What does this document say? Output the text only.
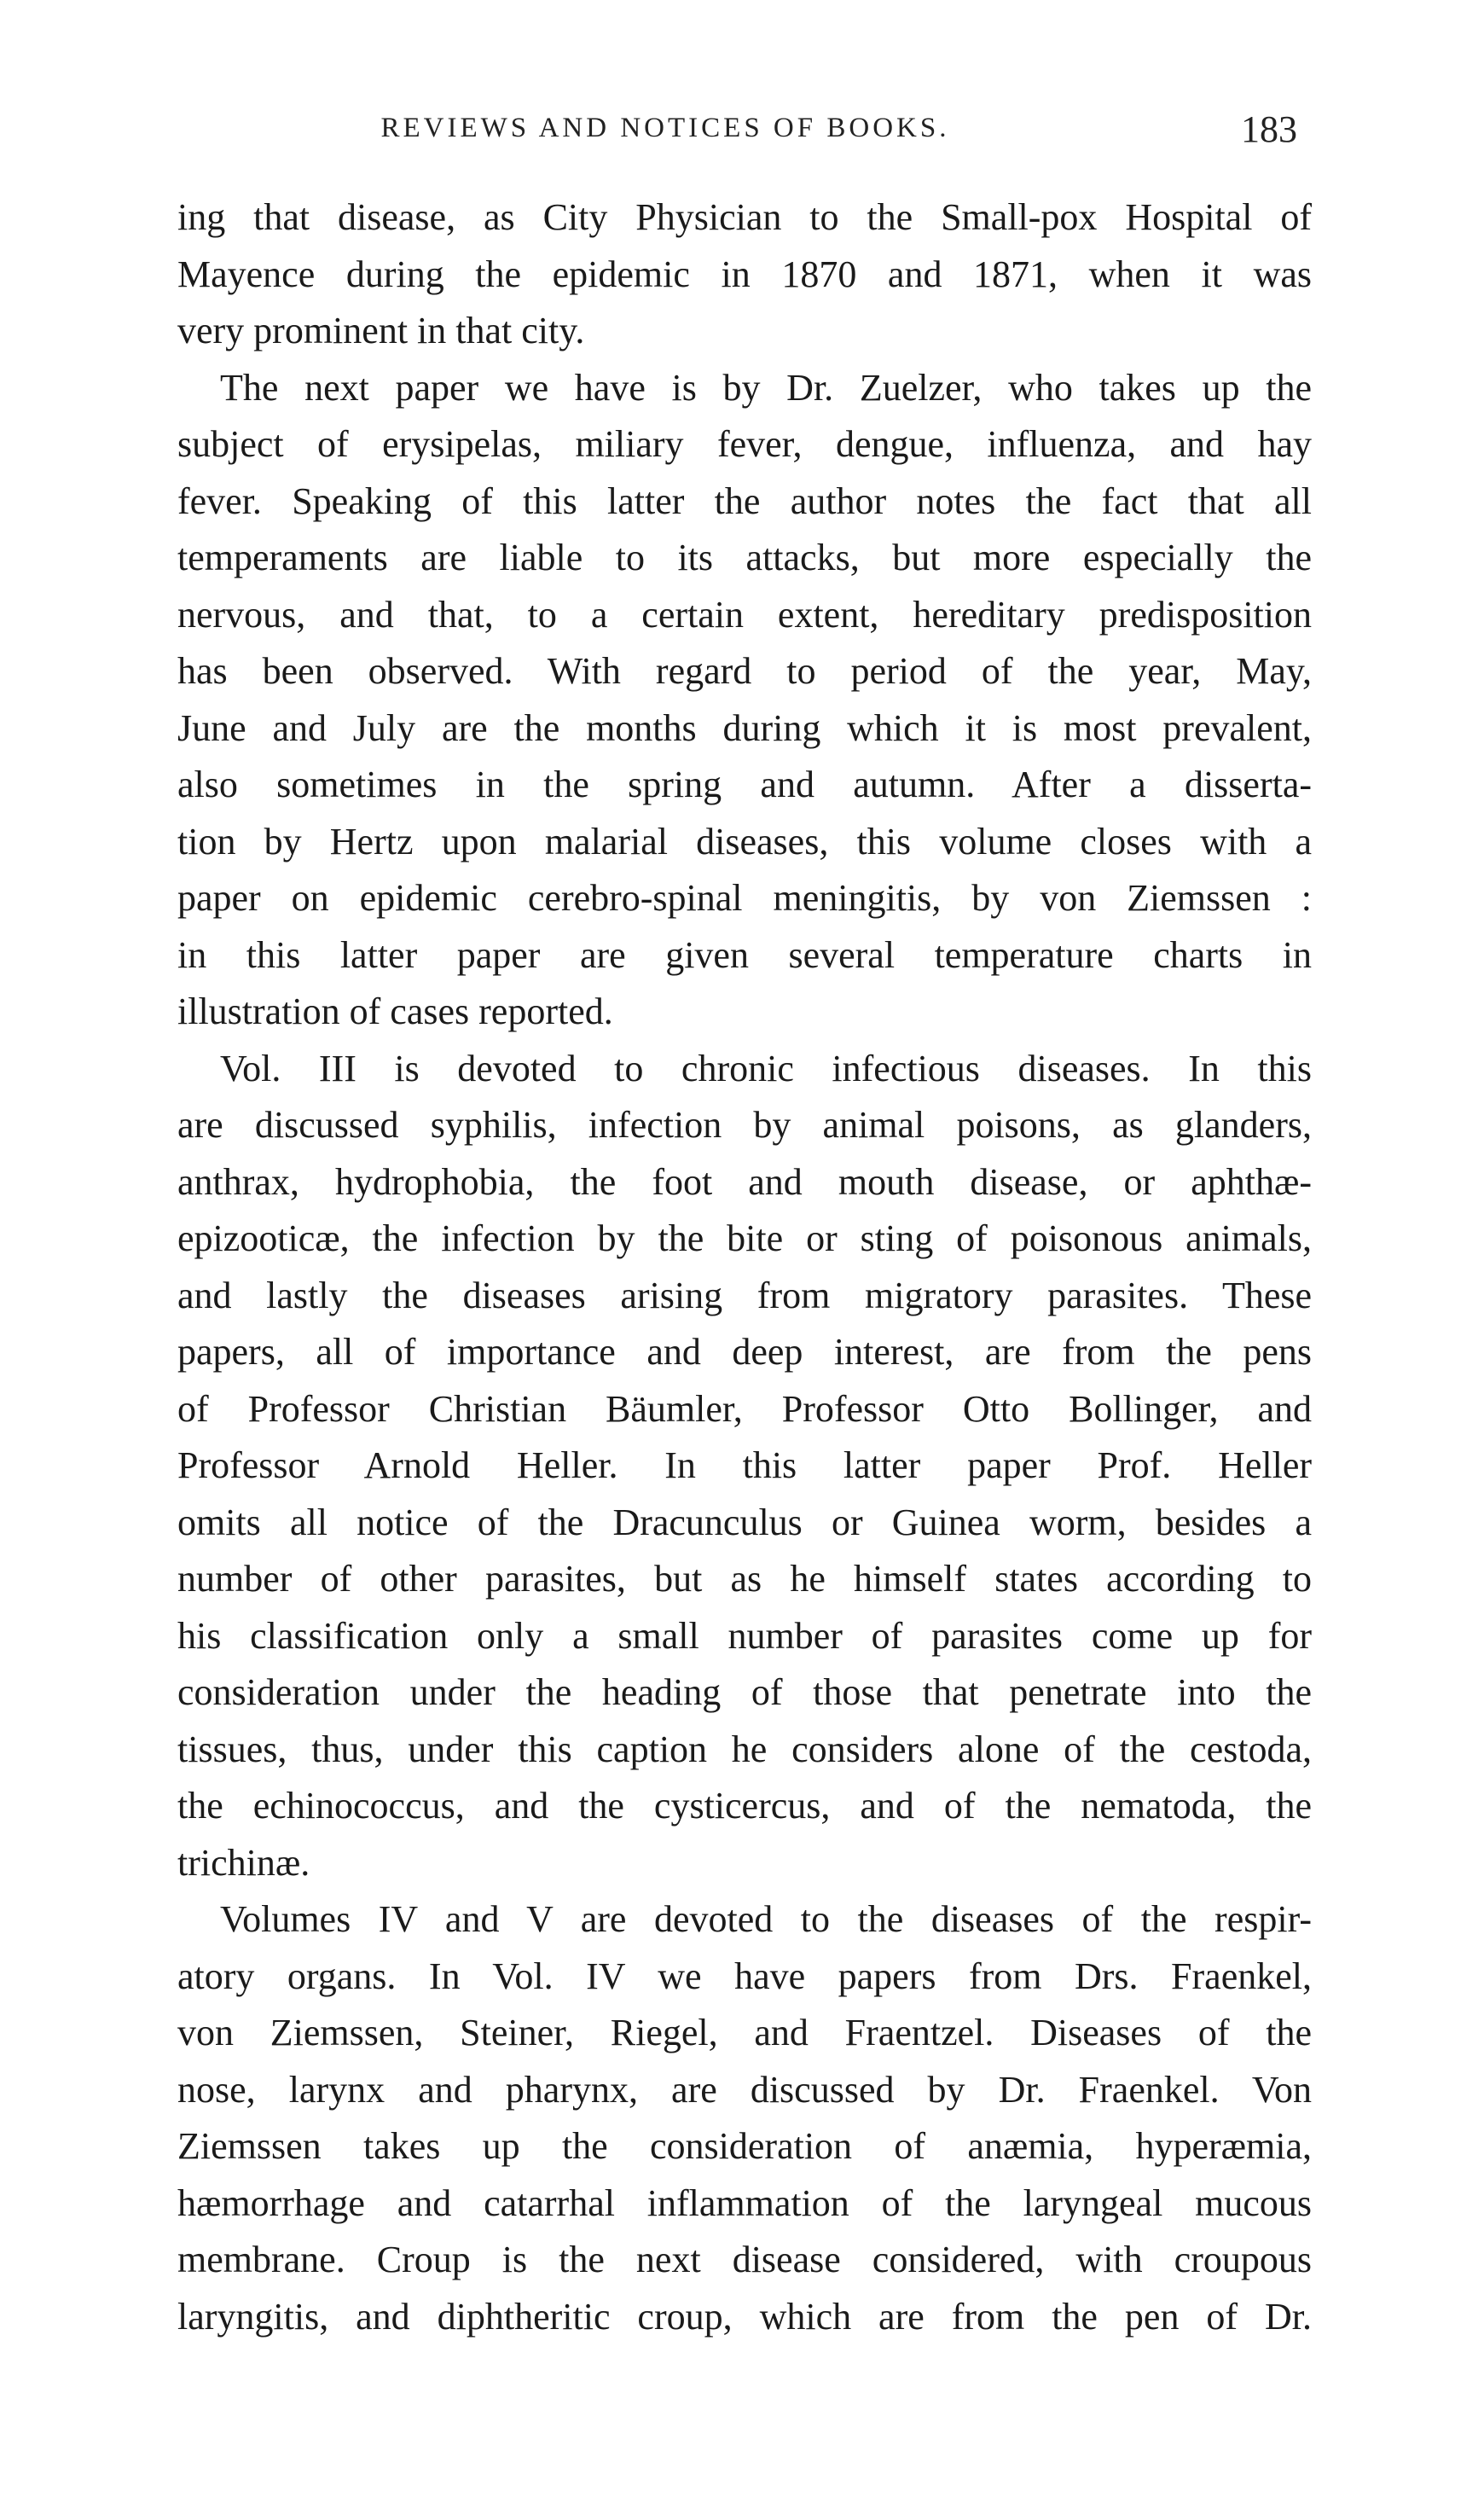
REVIEWS AND NOTICES OF BOOKS.	183
ing that disease, as City Physician to the Small-pox Hospital of
Mayence during the epidemic in 1870 and 1871, when it was
very prominent in that city.
The next paper we have is by Dr. Zuelzer, who takes up the
subject of erysipelas, miliary fever, dengue, influenza, and hay
fever. Speaking of this latter the author notes the fact that all
temperaments are liable to its attacks, but more especially the
nervous, and that, to a certain extent, hereditary predisposition
has been observed. With regard to period of the year, May,
June and July are the months during which it is most prevalent,
also sometimes in the spring and autumn. After a disserta-
tion by Hertz upon malarial diseases, this volume closes with a
paper on epidemic cerebro-spinal meningitis, by von Ziemssen :
in this latter paper are given several temperature charts in
illustration of cases reported.
Vol. III is devoted to chronic infectious diseases. In this
are discussed syphilis, infection by animal poisons, as glanders,
anthrax, hydrophobia, the foot and mouth disease, or aphthæ-
epizooticæ, the infection by the bite or sting of poisonous animals,
and lastly the diseases arising from migratory parasites. These
papers, all of importance and deep interest, are from the pens
of Professor Christian Bäumler, Professor Otto Bollinger, and
Professor Arnold Heller. In this latter paper Prof. Heller
omits all notice of the Dracunculus or Guinea worm, besides a
number of other parasites, but as he himself states according to
his classification only a small number of parasites come up for
consideration under the heading of those that penetrate into the
tissues, thus, under this caption he considers alone of the cestoda,
the echinococcus, and the cysticercus, and of the nematoda, the
trichinæ.
Volumes IV and V are devoted to the diseases of the respir-
atory organs. In Vol. IV we have papers from Drs. Fraenkel,
von Ziemssen, Steiner, Riegel, and Fraentzel. Diseases of the
nose, larynx and pharynx, are discussed by Dr. Fraenkel. Von
Ziemssen takes up the consideration of anæmia, hyperæmia,
hæmorrhage and catarrhal inflammation of the laryngeal mucous
membrane. Croup is the next disease considered, with croupous
laryngitis, and diphtheritic croup, which are from the pen of Dr.
